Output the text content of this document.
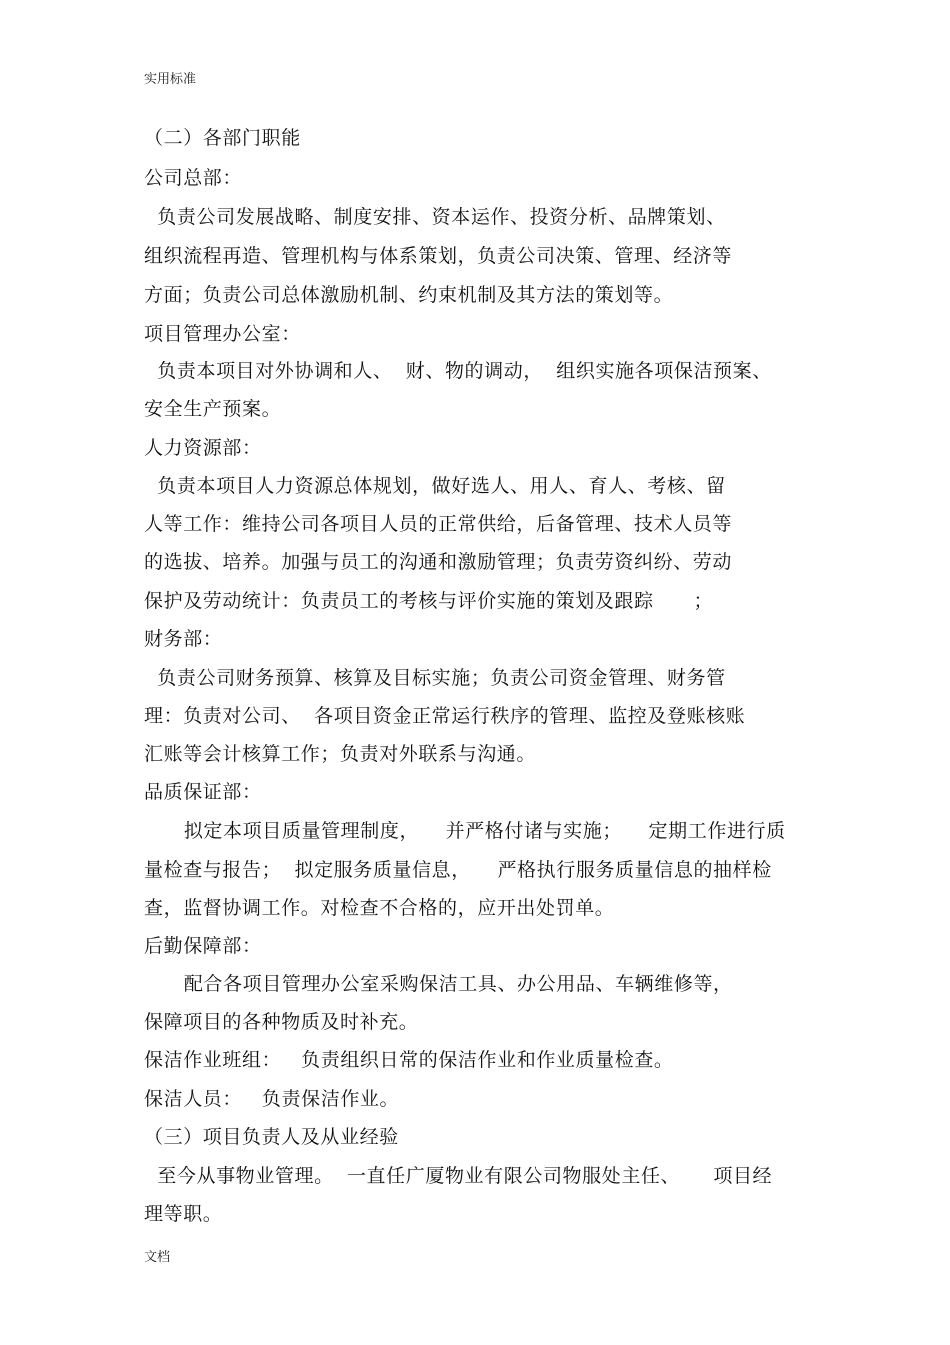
实用标准
（二）各部门职能
公司总部：
负责公司发展战略、制度安排、资本运作、投资分析、品牌策划、
组织流程再造、管理机构与体系策划，负责公司决策、管理、经济等
方面；负责公司总体激励机制、约束机制及其方法的策划等。
项目管理办公室：
负责本项目对外协调和人、  财、物的调动，  组织实施各项保洁预案、
安全生产预案。
人力资源部：
负责本项目人力资源总体规划，做好选人、用人、育人、考核、留
人等工作：维持公司各项目人员的正常供给，后备管理、技术人员等
的选拔、培养。加强与员工的沟通和激励管理；负责劳资纠纷、劳动
保护及劳动统计：负责员工的考核与评价实施的策划及跟踪      ；
财务部：
负责公司财务预算、核算及目标实施；负责公司资金管理、财务管
理：负责对公司、  各项目资金正常运行秩序的管理、监控及登账核账
汇账等会计核算工作；负责对外联系与沟通。
品质保证部：
拟定本项目质量管理制度，    并严格付诸与实施；    定期工作进行质
量检查与报告；  拟定服务质量信息，    严格执行服务质量信息的抽样检
查，监督协调工作。对检查不合格的，应开出处罚单。
后勤保障部：
配合各项目管理办公室采购保洁工具、办公用品、车辆维修等，
保障项目的各种物质及时补充。
保洁作业班组：   负责组织日常的保洁作业和作业质量检查。
保洁人员：   负责保洁作业。
（三）项目负责人及从业经验
至今从事物业管理。  一直任广厦物业有限公司物服处主任、     项目经
理等职。
文档
